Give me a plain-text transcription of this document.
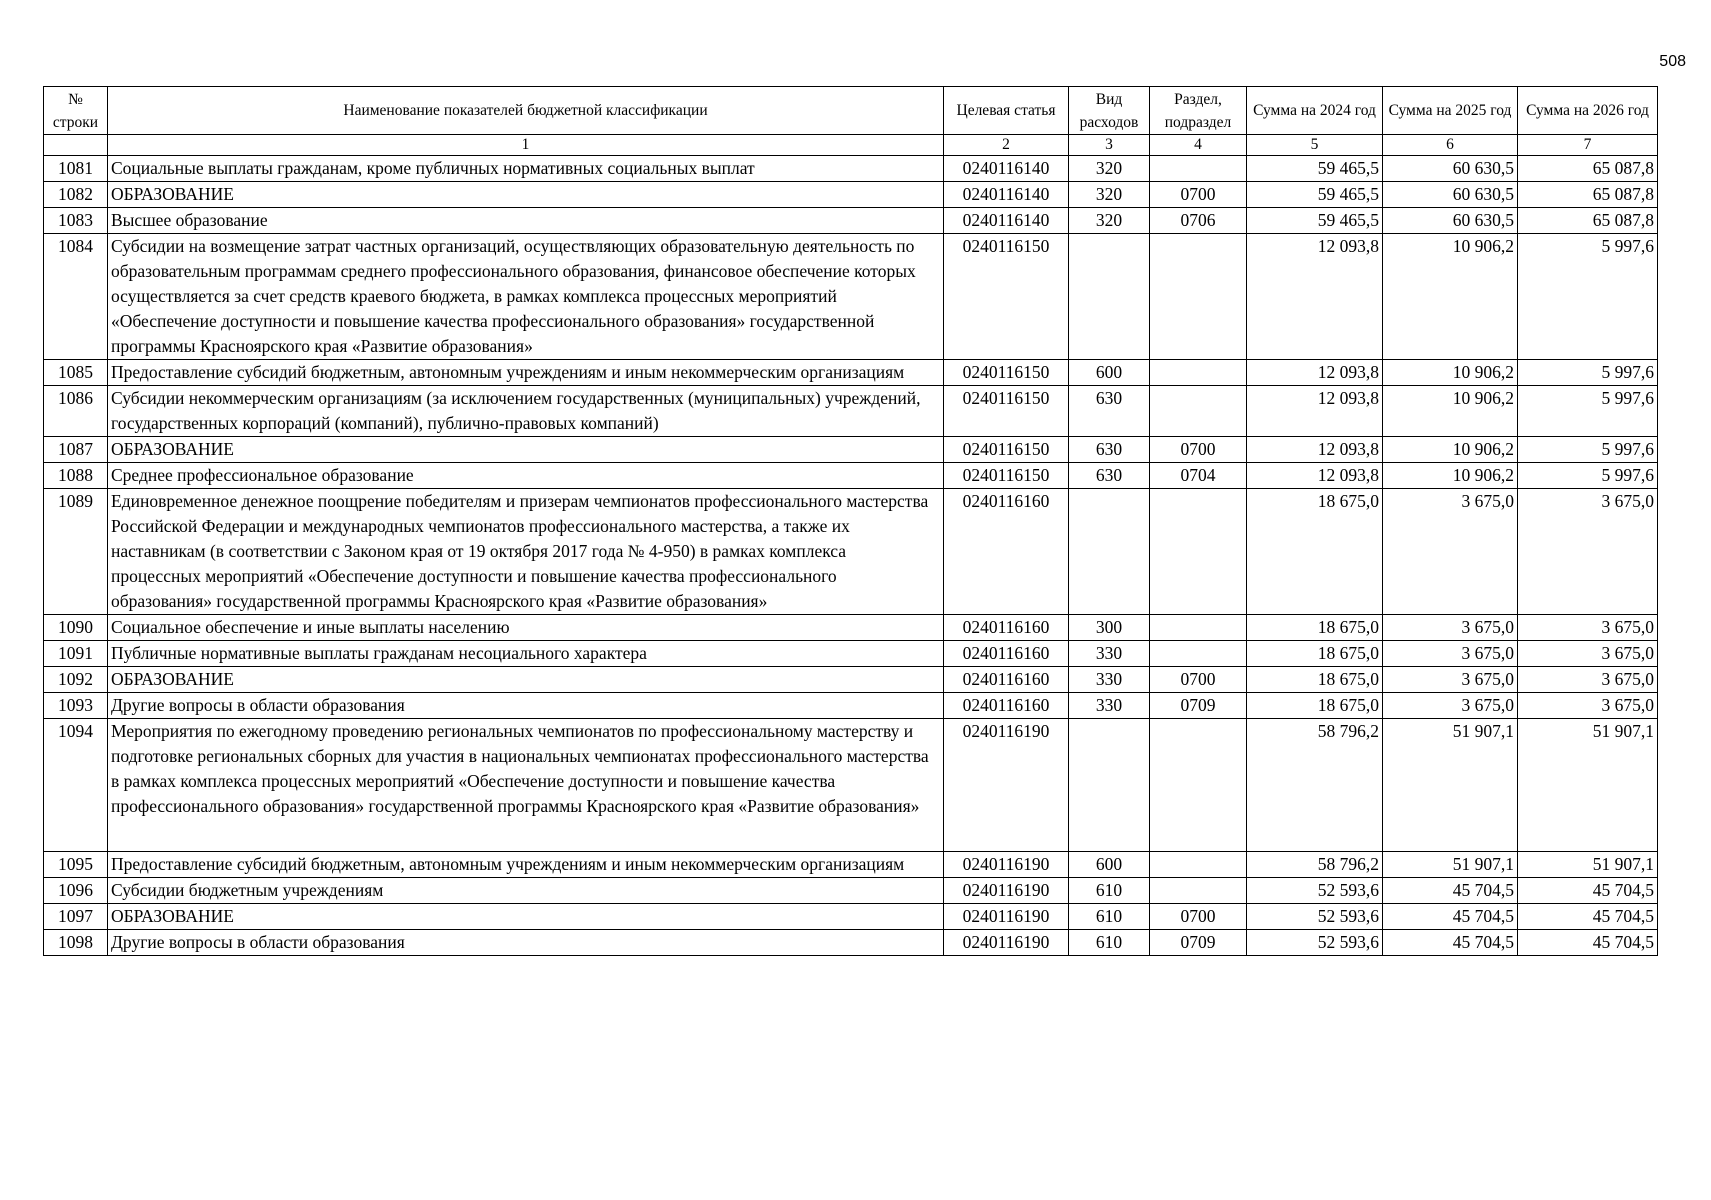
508
№ строки	Наименование показателей бюджетной классификации	Целевая статья	Вид расходов	Раздел, подраздел	Сумма на 2024 год	Сумма на 2025 год	Сумма на 2026 год
	1	2	3	4	5	6	7
1081	Социальные выплаты гражданам, кроме публичных нормативных социальных выплат	0240116140	320		59 465,5	60 630,5	65 087,8
1082	ОБРАЗОВАНИЕ	0240116140	320	0700	59 465,5	60 630,5	65 087,8
1083	Высшее образование	0240116140	320	0706	59 465,5	60 630,5	65 087,8
1084	Субсидии на возмещение затрат частных организаций, осуществляющих образовательную деятельность по образовательным программам среднего профессионального образования, финансовое обеспечение которых осуществляется за счет средств краевого бюджета, в рамках комплекса процессных мероприятий «Обеспечение доступности и повышение качества профессионального образования» государственной программы Красноярского края «Развитие образования»	0240116150			12 093,8	10 906,2	5 997,6
1085	Предоставление субсидий бюджетным, автономным учреждениям и иным некоммерческим организациям	0240116150	600		12 093,8	10 906,2	5 997,6
1086	Субсидии некоммерческим организациям (за исключением государственных (муниципальных) учреждений, государственных корпораций (компаний), публично-правовых компаний)	0240116150	630		12 093,8	10 906,2	5 997,6
1087	ОБРАЗОВАНИЕ	0240116150	630	0700	12 093,8	10 906,2	5 997,6
1088	Среднее профессиональное образование	0240116150	630	0704	12 093,8	10 906,2	5 997,6
1089	Единовременное денежное поощрение победителям и призерам чемпионатов профессионального мастерства Российской Федерации и международных чемпионатов профессионального мастерства, а также их наставникам (в соответствии с Законом края от 19 октября 2017 года № 4-950) в рамках комплекса процессных мероприятий «Обеспечение доступности и повышение качества профессионального образования» государственной программы Красноярского края «Развитие образования»	0240116160			18 675,0	3 675,0	3 675,0
1090	Социальное обеспечение и иные выплаты населению	0240116160	300		18 675,0	3 675,0	3 675,0
1091	Публичные нормативные выплаты гражданам несоциального характера	0240116160	330		18 675,0	3 675,0	3 675,0
1092	ОБРАЗОВАНИЕ	0240116160	330	0700	18 675,0	3 675,0	3 675,0
1093	Другие вопросы в области образования	0240116160	330	0709	18 675,0	3 675,0	3 675,0
1094	Мероприятия по ежегодному проведению региональных чемпионатов по профессиональному мастерству и подготовке региональных сборных для участия в национальных чемпионатах профессионального мастерства в рамках комплекса процессных мероприятий «Обеспечение доступности и повышение качества профессионального образования» государственной программы Красноярского края «Развитие образования»	0240116190			58 796,2	51 907,1	51 907,1
1095	Предоставление субсидий бюджетным, автономным учреждениям и иным некоммерческим организациям	0240116190	600		58 796,2	51 907,1	51 907,1
1096	Субсидии бюджетным учреждениям	0240116190	610		52 593,6	45 704,5	45 704,5
1097	ОБРАЗОВАНИЕ	0240116190	610	0700	52 593,6	45 704,5	45 704,5
1098	Другие вопросы в области образования	0240116190	610	0709	52 593,6	45 704,5	45 704,5
